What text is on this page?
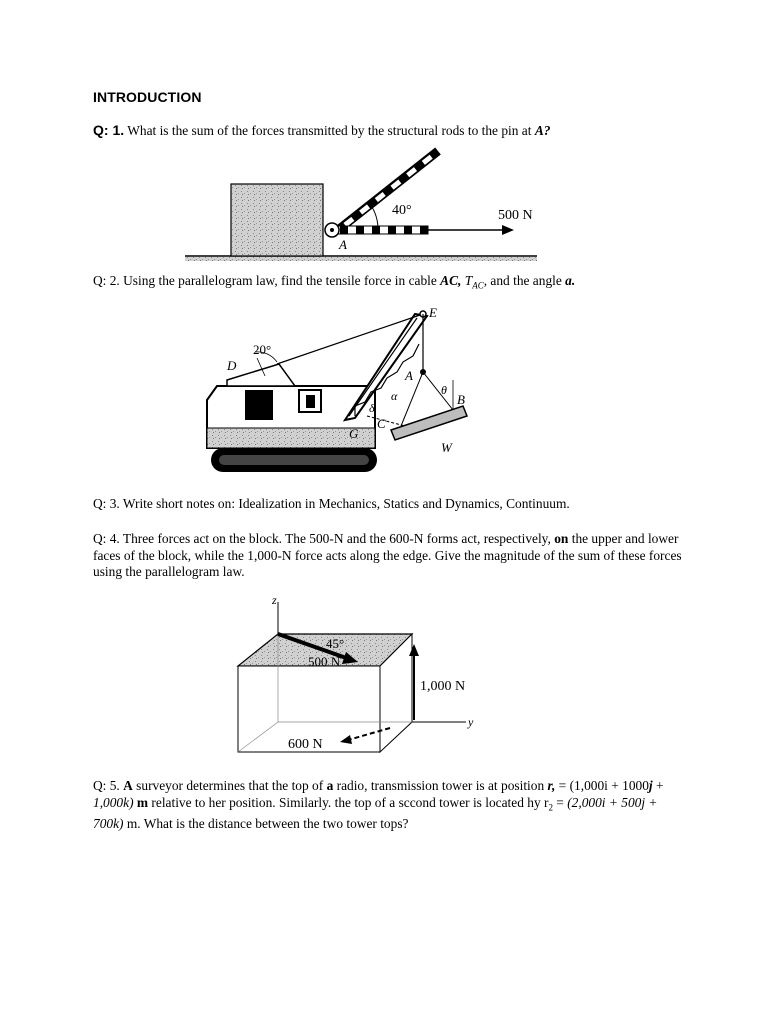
INTRODUCTION

Q: 1. What is the sum of the forces transmitted by the structural rods to the pin at A?

40°	500 N
A

Q: 2. Using the parallelogram law, find the tensile force in cable AC, $T_{AC}$, and the angle a.

20°
D
E
A
B
C
G
W
α	θ
δ

Q: 3. Write short notes on: Idealization in Mechanics, Statics and Dynamics, Continuum.

Q: 4. Three forces act on the block. The 500-N and the 600-N forms act, respectively, on the upper and lower faces of the block, while the 1,000-N force acts along the edge. Give the magnitude of the sum of these forces using the parallelogram law.

z
y
45°
500 N
1,000 N
600 N

Q: 5. A surveyor determines that the top of a radio, transmission tower is at position r, = (1,000i + 1000j + 1,000k) m relative to her position. Similarly. the top of a sccond tower is located hy $r_2 = (2,000i + 500j + 700k)$ m. What is the distance between the two tower tops?
